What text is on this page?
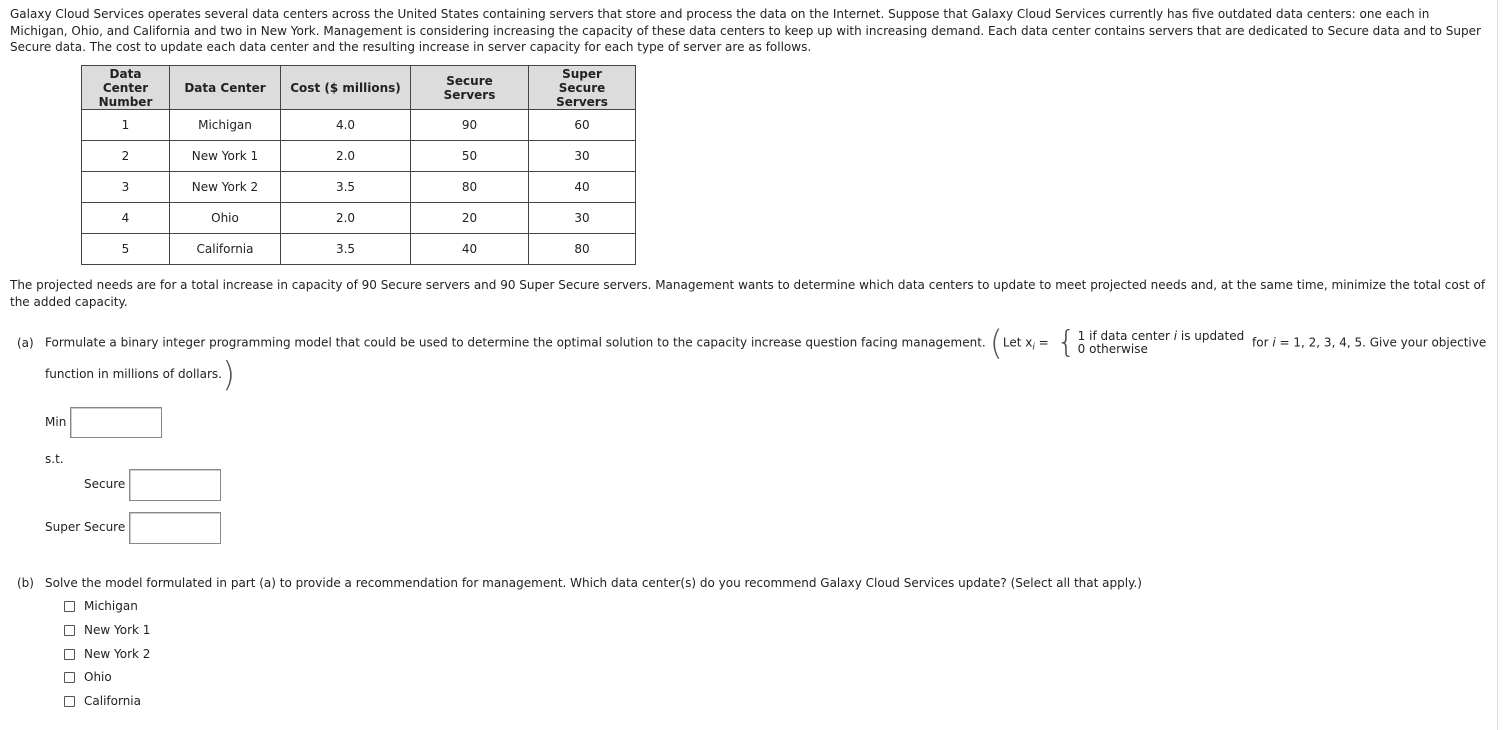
Galaxy Cloud Services operates several data centers across the United States containing servers that store and process the data on the Internet. Suppose that Galaxy Cloud Services currently has five outdated data centers: one each in Michigan, Ohio, and California and two in New York. Management is considering increasing the capacity of these data centers to keep up with increasing demand. Each data center contains servers that are dedicated to Secure data and to Super Secure data. The cost to update each data center and the resulting increase in server capacity for each type of server are as follows.
Data Center Number	Data Center	Cost ($ millions)	Secure Servers	Super Secure Servers
1	Michigan	4.0	90	60
2	New York 1	2.0	50	30
3	New York 2	3.5	80	40
4	Ohio	2.0	20	30
5	California	3.5	40	80
The projected needs are for a total increase in capacity of 90 Secure servers and 90 Super Secure servers. Management wants to determine which data centers to update to meet projected needs and, at the same time, minimize the total cost of the added capacity.
(a) Formulate a binary integer programming model that could be used to determine the optimal solution to the capacity increase question facing management. (Let $x_i$ = { 1 if data center i is updated
0 otherwise	for i = 1, 2, 3, 4, 5. Give your objective
function in millions of dollars.)
Min
s.t.
Secure
Super Secure
(b) Solve the model formulated in part (a) to provide a recommendation for management. Which data center(s) do you recommend Galaxy Cloud Services update? (Select all that apply.)
Michigan
New York 1
New York 2
Ohio
California
